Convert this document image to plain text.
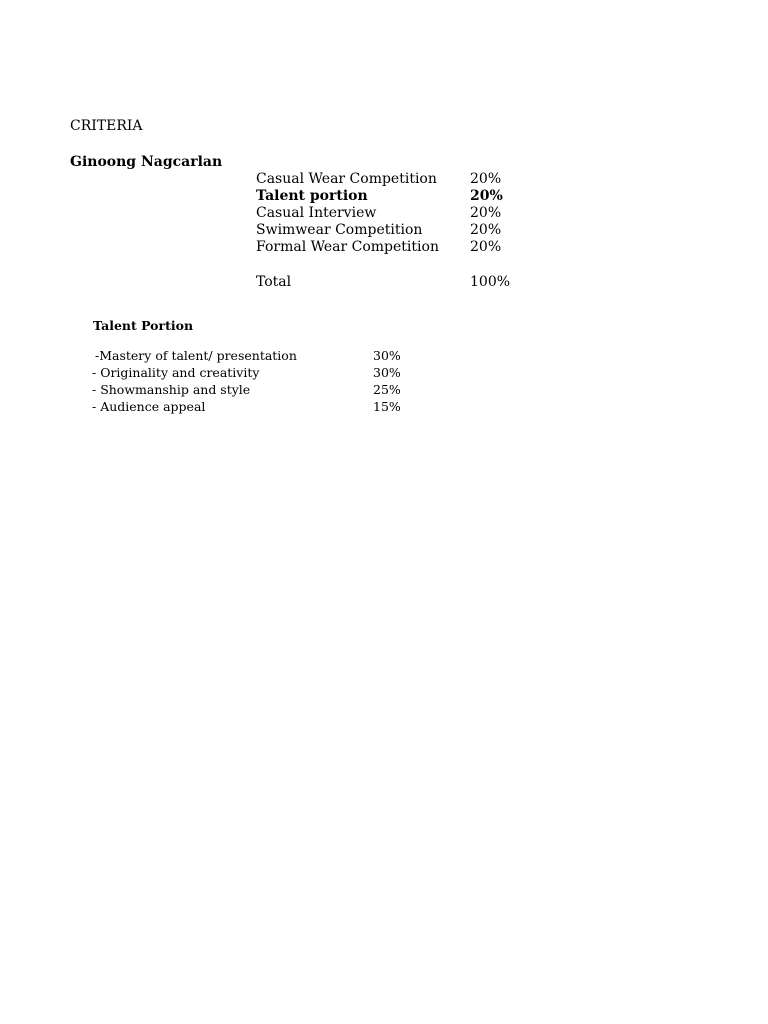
CRITERIA
Ginoong Nagcarlan
Casual Wear Competition 20%
Talent portion	20%
Casual Interview	20%
Swimwear Competition	20%
Formal Wear Competition 20%
Total	100%
Talent Portion
-Mastery of talent/ presentation	30%
- Originality and creativity	30%
- Showmanship and style	25%
- Audience appeal	15%
